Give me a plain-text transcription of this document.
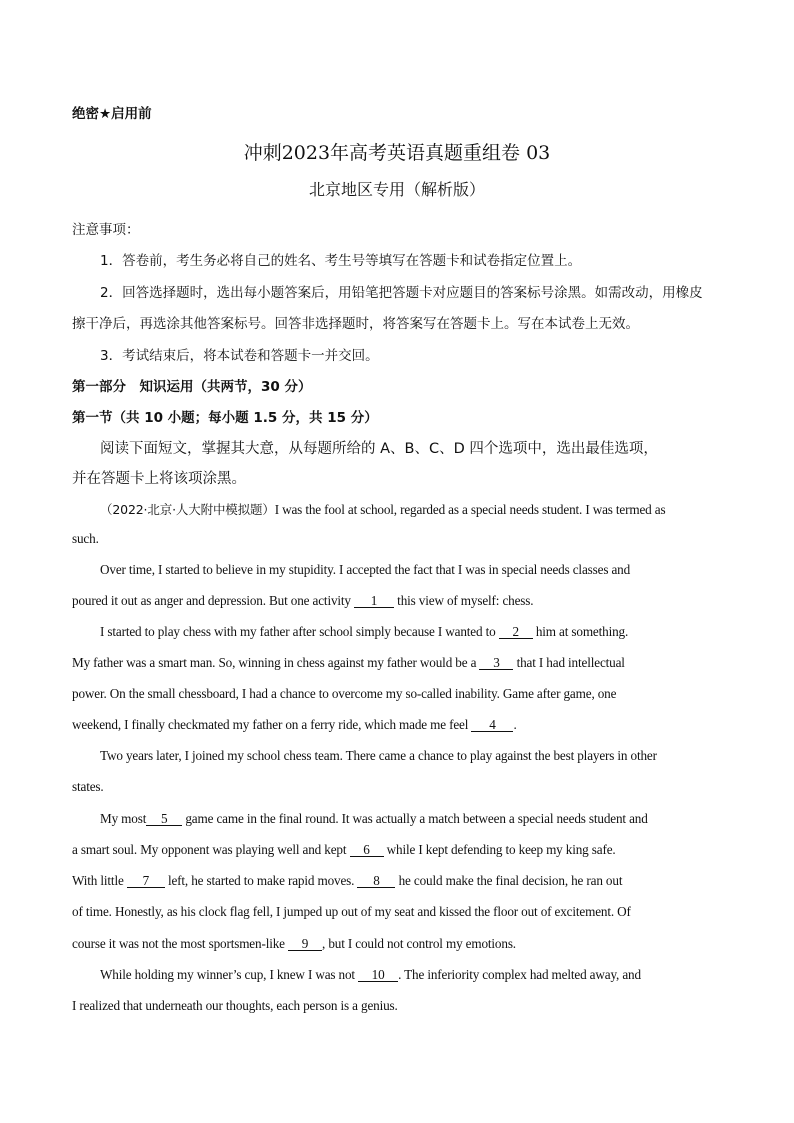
绝密★启用前
冲刺2023年高考英语真题重组卷 03
北京地区专用（解析版）
注意事项：
1．答卷前，考生务必将自己的姓名、考生号等填写在答题卡和试卷指定位置上。
2．回答选择题时，选出每小题答案后，用铅笔把答题卡对应题目的答案标号涂黑。如需改动，用橡皮
擦干净后，再选涂其他答案标号。回答非选择题时，将答案写在答题卡上。写在本试卷上无效。
3．考试结束后，将本试卷和答题卡一并交回。
第一部分　知识运用（共两节，30 分）
第一节（共 10 小题；每小题 1.5 分，共 15 分）
阅读下面短文，掌握其大意，从每题所给的 A、B、C、D 四个选项中，选出最佳选项，
并在答题卡上将该项涂黑。
（2022·北京·人大附中模拟题）I was the fool at school, regarded as a special needs student. I was termed as
such.
Over time, I started to believe in my stupidity. I accepted the fact that I was in special needs classes and
poured it out as anger and depression. But one activity 1 this view of myself: chess.
I started to play chess with my father after school simply because I wanted to 2 him at something.
My father was a smart man. So, winning in chess against my father would be a 3 that I had intellectual
power. On the small chessboard, I had a chance to overcome my so-called inability. Game after game, one
weekend, I finally checkmated my father on a ferry ride, which made me feel 4 .
Two years later, I joined my school chess team. There came a chance to play against the best players in other
states.
My most 5 game came in the final round. It was actually a match between a special needs student and
a smart soul. My opponent was playing well and kept 6 while I kept defending to keep my king safe.
With little 7 left, he started to make rapid moves. 8 he could make the final decision, he ran out
of time. Honestly, as his clock flag fell, I jumped up out of my seat and kissed the floor out of excitement. Of
course it was not the most sportsmen-like 9 , but I could not control my emotions.
While holding my winner’s cup, I knew I was not 10 . The inferiority complex had melted away, and
I realized that underneath our thoughts, each person is a genius.
